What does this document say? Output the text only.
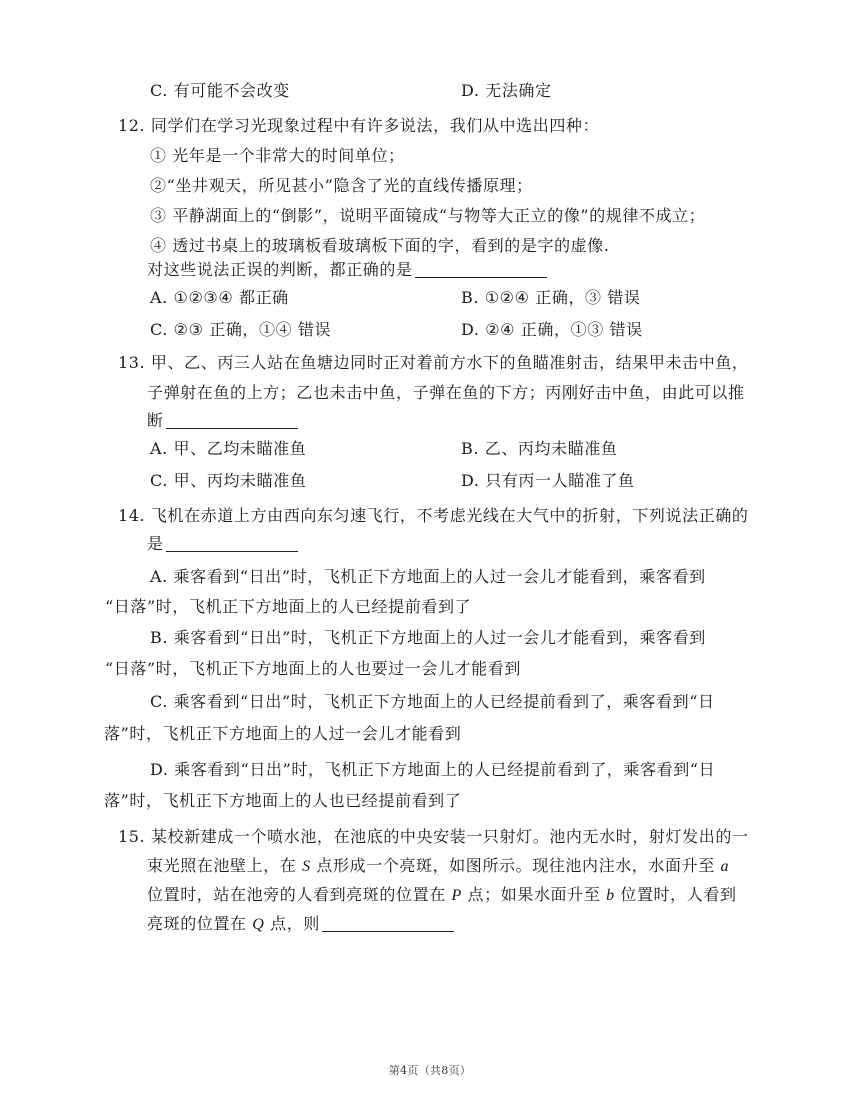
C. 有可能不会改变	D. 无法确定
12. 同学们在学习光现象过程中有许多说法，我们从中选出四种：
① 光年是一个非常大的时间单位；
②“坐井观天，所见甚小”隐含了光的直线传播原理；
③ 平静湖面上的“倒影”，说明平面镜成“与物等大正立的像”的规律不成立；
④ 透过书桌上的玻璃板看玻璃板下面的字，看到的是字的虚像.
对这些说法正误的判断，都正确的是
A. ①②③④ 都正确	B. ①②④ 正确，③ 错误
C. ②③ 正确，①④ 错误	D. ②④ 正确，①③ 错误
13. 甲、乙、丙三人站在鱼塘边同时正对着前方水下的鱼瞄准射击，结果甲未击中鱼，
子弹射在鱼的上方；乙也未击中鱼，子弹在鱼的下方；丙刚好击中鱼，由此可以推
断
A. 甲、乙均未瞄准鱼	B. 乙、丙均未瞄准鱼
C. 甲、丙均未瞄准鱼	D. 只有丙一人瞄准了鱼
14. 飞机在赤道上方由西向东匀速飞行，不考虑光线在大气中的折射，下列说法正确的
是
A. 乘客看到“日出”时，飞机正下方地面上的人过一会儿才能看到，乘客看到
“日落”时，飞机正下方地面上的人已经提前看到了
B. 乘客看到“日出”时，飞机正下方地面上的人过一会儿才能看到，乘客看到
“日落”时，飞机正下方地面上的人也要过一会儿才能看到
C. 乘客看到“日出”时，飞机正下方地面上的人已经提前看到了，乘客看到“日
落”时，飞机正下方地面上的人过一会儿才能看到
D. 乘客看到“日出”时，飞机正下方地面上的人已经提前看到了，乘客看到“日
落”时，飞机正下方地面上的人也已经提前看到了
15. 某校新建成一个喷水池，在池底的中央安装一只射灯。池内无水时，射灯发出的一
束光照在池壁上，在 S 点形成一个亮斑，如图所示。现往池内注水，水面升至 a
位置时，站在池旁的人看到亮斑的位置在 P 点；如果水面升至 b 位置时，人看到
亮斑的位置在 Q 点，则
第4页（共8页）
